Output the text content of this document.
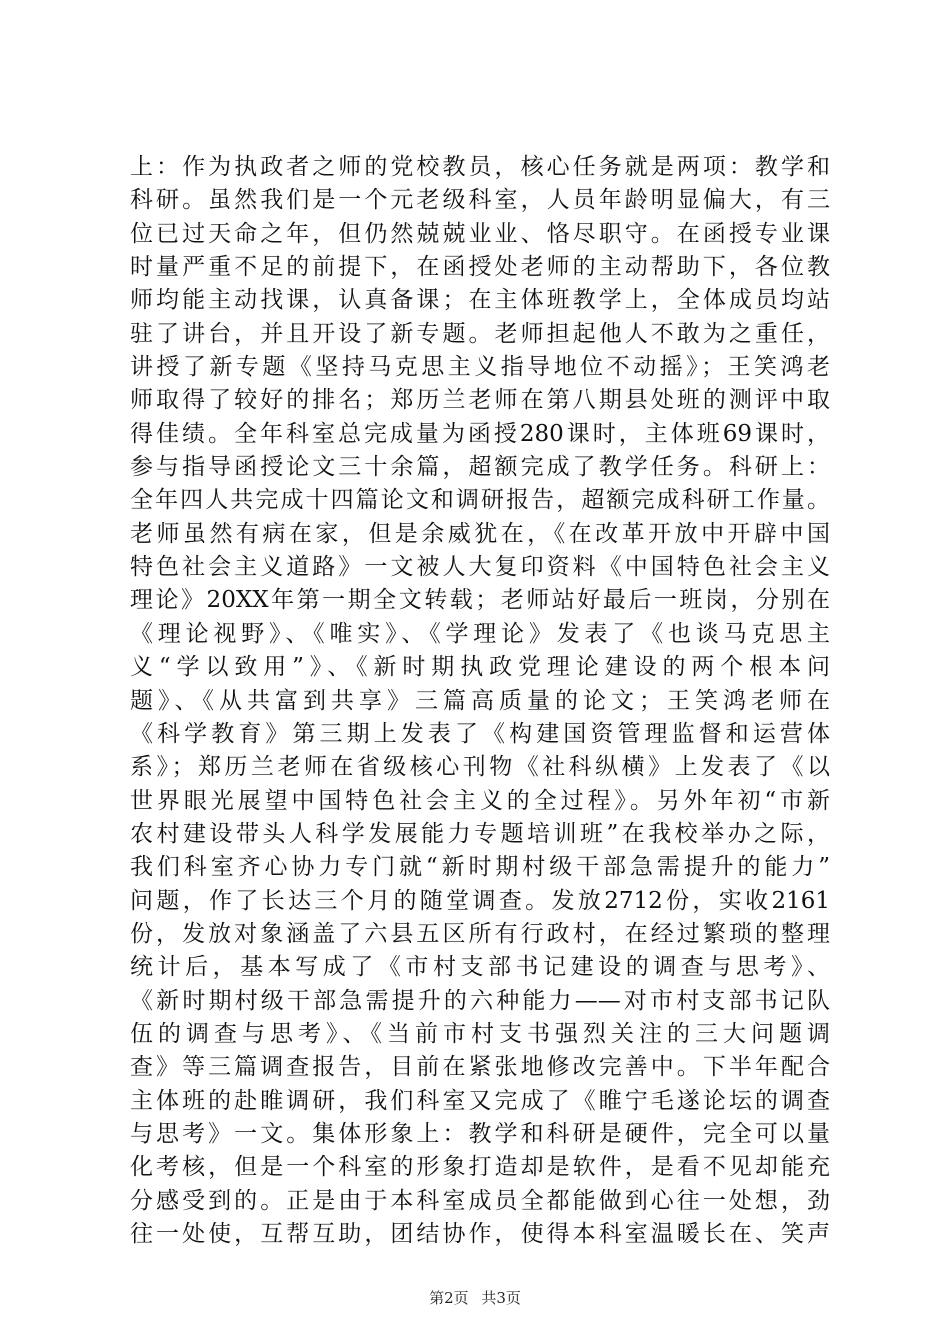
上：作为执政者之师的党校教员，核心任务就是两项：教学和
科研。虽然我们是一个元老级科室，人员年龄明显偏大，有三
位已过天命之年，但仍然兢兢业业、恪尽职守。在函授专业课
时量严重不足的前提下，在函授处老师的主动帮助下，各位教
师均能主动找课，认真备课；在主体班教学上，全体成员均站
驻了讲台，并且开设了新专题。老师担起他人不敢为之重任，
讲授了新专题《坚持马克思主义指导地位不动摇》；王笑鸿老
师取得了较好的排名；郑历兰老师在第八期县处班的测评中取
得佳绩。全年科室总完成量为函授280课时，主体班69课时，
参与指导函授论文三十余篇，超额完成了教学任务。科研上：
全年四人共完成十四篇论文和调研报告，超额完成科研工作量。
老师虽然有病在家，但是余威犹在，《在改革开放中开辟中国
特色社会主义道路》一文被人大复印资料《中国特色社会主义
理论》20XX年第一期全文转载；老师站好最后一班岗，分别在
《理论视野》、《唯实》、《学理论》发表了《也谈马克思主
义“学以致用”》、《新时期执政党理论建设的两个根本问
题》、《从共富到共享》三篇高质量的论文；王笑鸿老师在
《科学教育》第三期上发表了《构建国资管理监督和运营体
系》；郑历兰老师在省级核心刊物《社科纵横》上发表了《以
世界眼光展望中国特色社会主义的全过程》。另外年初“市新
农村建设带头人科学发展能力专题培训班”在我校举办之际，
我们科室齐心协力专门就“新时期村级干部急需提升的能力”
问题，作了长达三个月的随堂调查。发放2712份，实收2161
份，发放对象涵盖了六县五区所有行政村，在经过繁琐的整理
统计后，基本写成了《市村支部书记建设的调查与思考》、
《新时期村级干部急需提升的六种能力——对市村支部书记队
伍的调查与思考》、《当前市村支书强烈关注的三大问题调
查》等三篇调查报告，目前在紧张地修改完善中。下半年配合
主体班的赴睢调研，我们科室又完成了《睢宁毛遂论坛的调查
与思考》一文。集体形象上：教学和科研是硬件，完全可以量
化考核，但是一个科室的形象打造却是软件，是看不见却能充
分感受到的。正是由于本科室成员全都能做到心往一处想，劲
往一处使，互帮互助，团结协作，使得本科室温暖长在、笑声
第2页 共3页
